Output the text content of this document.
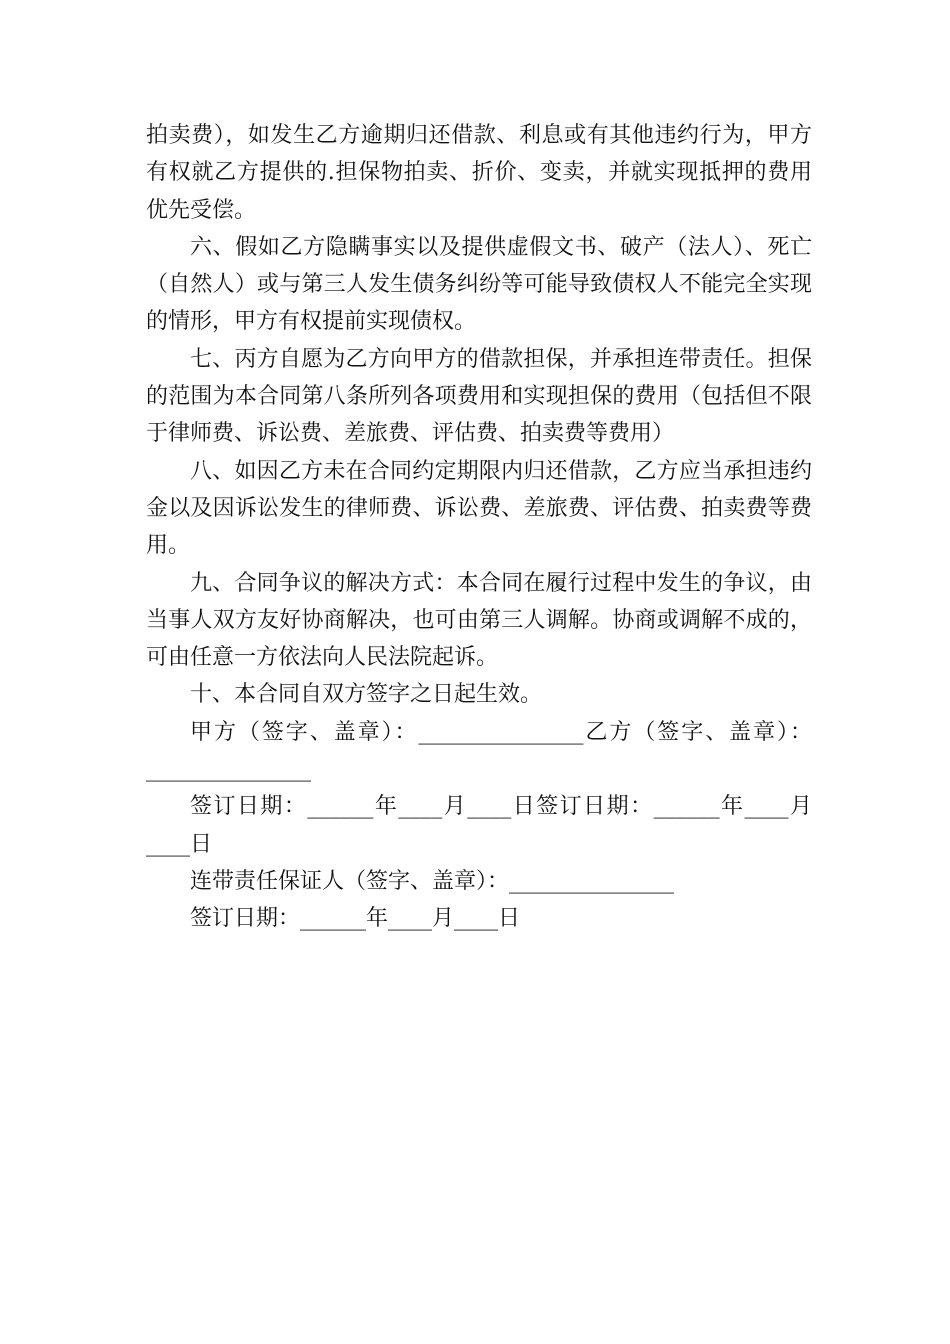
拍卖费），如发生乙方逾期归还借款、利息或有其他违约行为，甲方有权就乙方提供的.担保物拍卖、折价、变卖，并就实现抵押的费用优先受偿。

六、假如乙方隐瞒事实以及提供虚假文书、破产（法人）、死亡（自然人）或与第三人发生债务纠纷等可能导致债权人不能完全实现的情形，甲方有权提前实现债权。

七、丙方自愿为乙方向甲方的借款担保，并承担连带责任。担保的范围为本合同第八条所列各项费用和实现担保的费用（包括但不限于律师费、诉讼费、差旅费、评估费、拍卖费等费用）

八、如因乙方未在合同约定期限内归还借款，乙方应当承担违约金以及因诉讼发生的律师费、诉讼费、差旅费、评估费、拍卖费等费用。

九、合同争议的解决方式：本合同在履行过程中发生的争议，由当事人双方友好协商解决，也可由第三人调解。协商或调解不成的，可由任意一方依法向人民法院起诉。

十、本合同自双方签字之日起生效。

甲方（签字、盖章）：_______________乙方（签字、盖章）：_______________

签订日期：______年____月____日签订日期：______年____月____日

连带责任保证人（签字、盖章）：_______________

签订日期：______年____月____日
